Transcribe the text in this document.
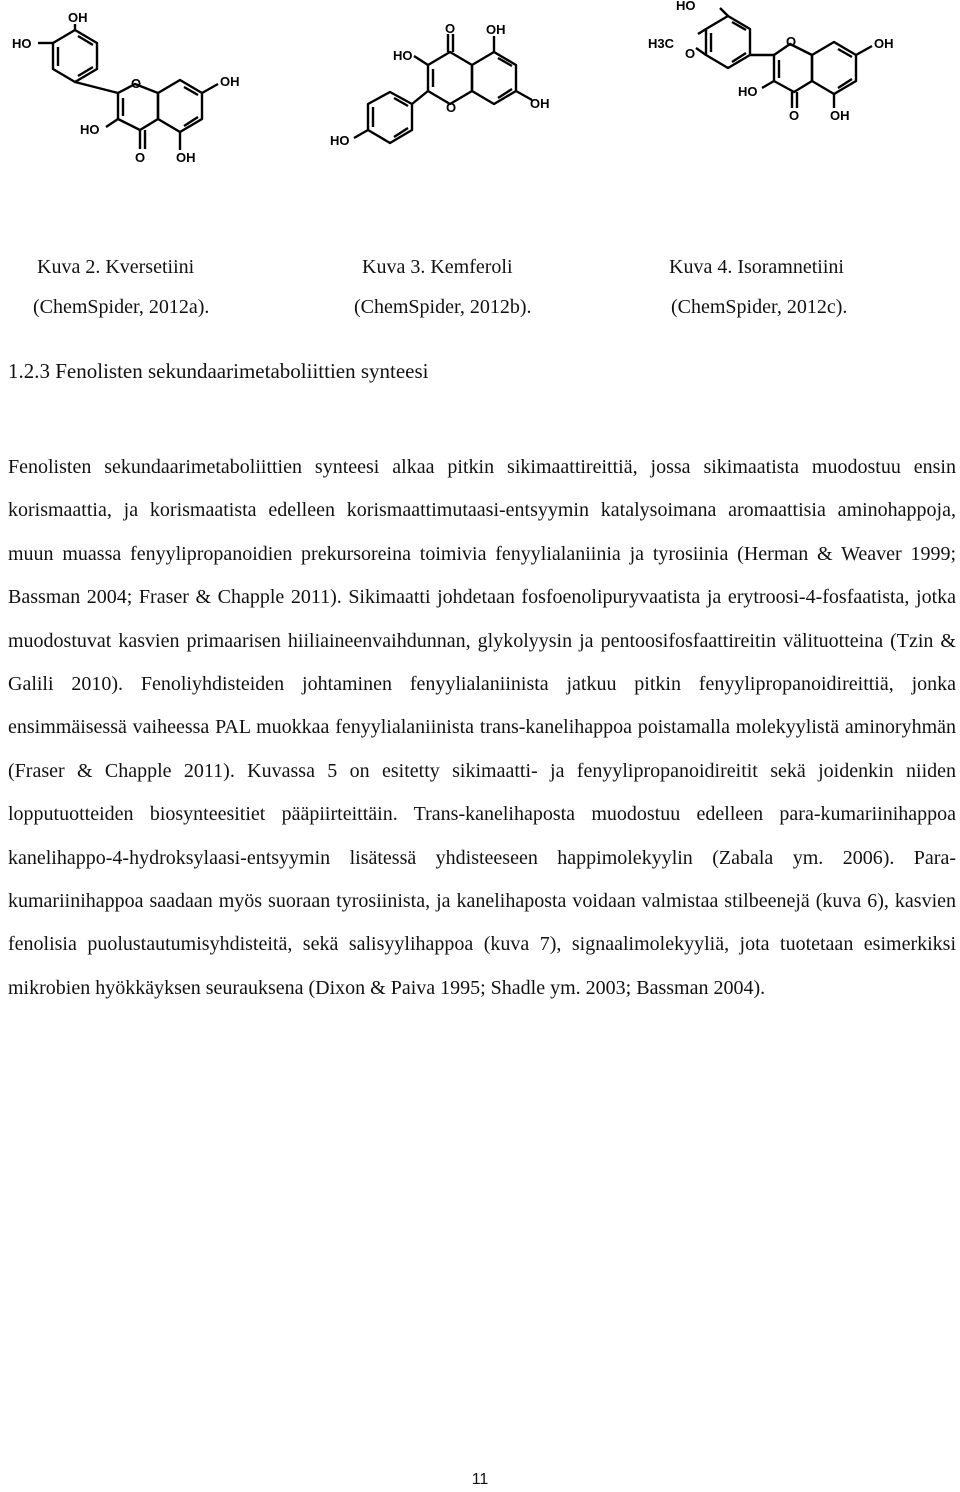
OH
HO
O	OH
HO
O OH
O OH
HO
O	OH
HO
HO
H3C
O
O	OH
HO
O OH
Kuva 2. Kversetiini
(ChemSpider, 2012a).
Kuva 3. Kemferoli
(ChemSpider, 2012b).
Kuva 4. Isoramnetiini
(ChemSpider, 2012c).
1.2.3 Fenolisten sekundaarimetaboliittien synteesi

Fenolisten sekundaarimetaboliittien synteesi alkaa pitkin sikimaattireittiä, jossa sikimaatista muodostuu ensin korismaattia, ja korismaatista edelleen korismaattimutaasi-entsyymin katalysoimana aromaattisia aminohappoja, muun muassa fenyylipropanoidien prekursoreina toimivia fenyylialaniinia ja tyrosiinia (Herman & Weaver 1999; Bassman 2004; Fraser & Chapple 2011). Sikimaatti johdetaan fosfoenolipuryvaatista ja erytroosi-4-fosfaatista, jotka muodostuvat kasvien primaarisen hiiliaineenvaihdunnan, glykolyysin ja pentoosifosfaattireitin välituotteina (Tzin & Galili 2010). Fenoliyhdisteiden johtaminen fenyylialaniinista jatkuu pitkin fenyylipropanoidireittiä, jonka ensimmäisessä vaiheessa PAL muokkaa fenyylialaniinista trans-kanelihappoa poistamalla molekyylistä aminoryhmän (Fraser & Chapple 2011). Kuvassa 5 on esitetty sikimaatti- ja fenyylipropanoidireitit sekä joidenkin niiden lopputuotteiden biosynteesitiet pääpiirteittäin. Trans-kanelihaposta muodostuu edelleen para-kumariinihappoa kanelihappo-4-hydroksylaasi-entsyymin lisätessä yhdisteeseen happimolekyylin (Zabala ym. 2006). Para-kumariinihappoa saadaan myös suoraan tyrosiinista, ja kanelihaposta voidaan valmistaa stilbeenejä (kuva 6), kasvien fenolisia puolustautumisyhdisteitä, sekä salisyylihappoa (kuva 7), signaalimolekyyliä, jota tuotetaan esimerkiksi mikrobien hyökkäyksen seurauksena (Dixon & Paiva 1995; Shadle ym. 2003; Bassman 2004).

11
